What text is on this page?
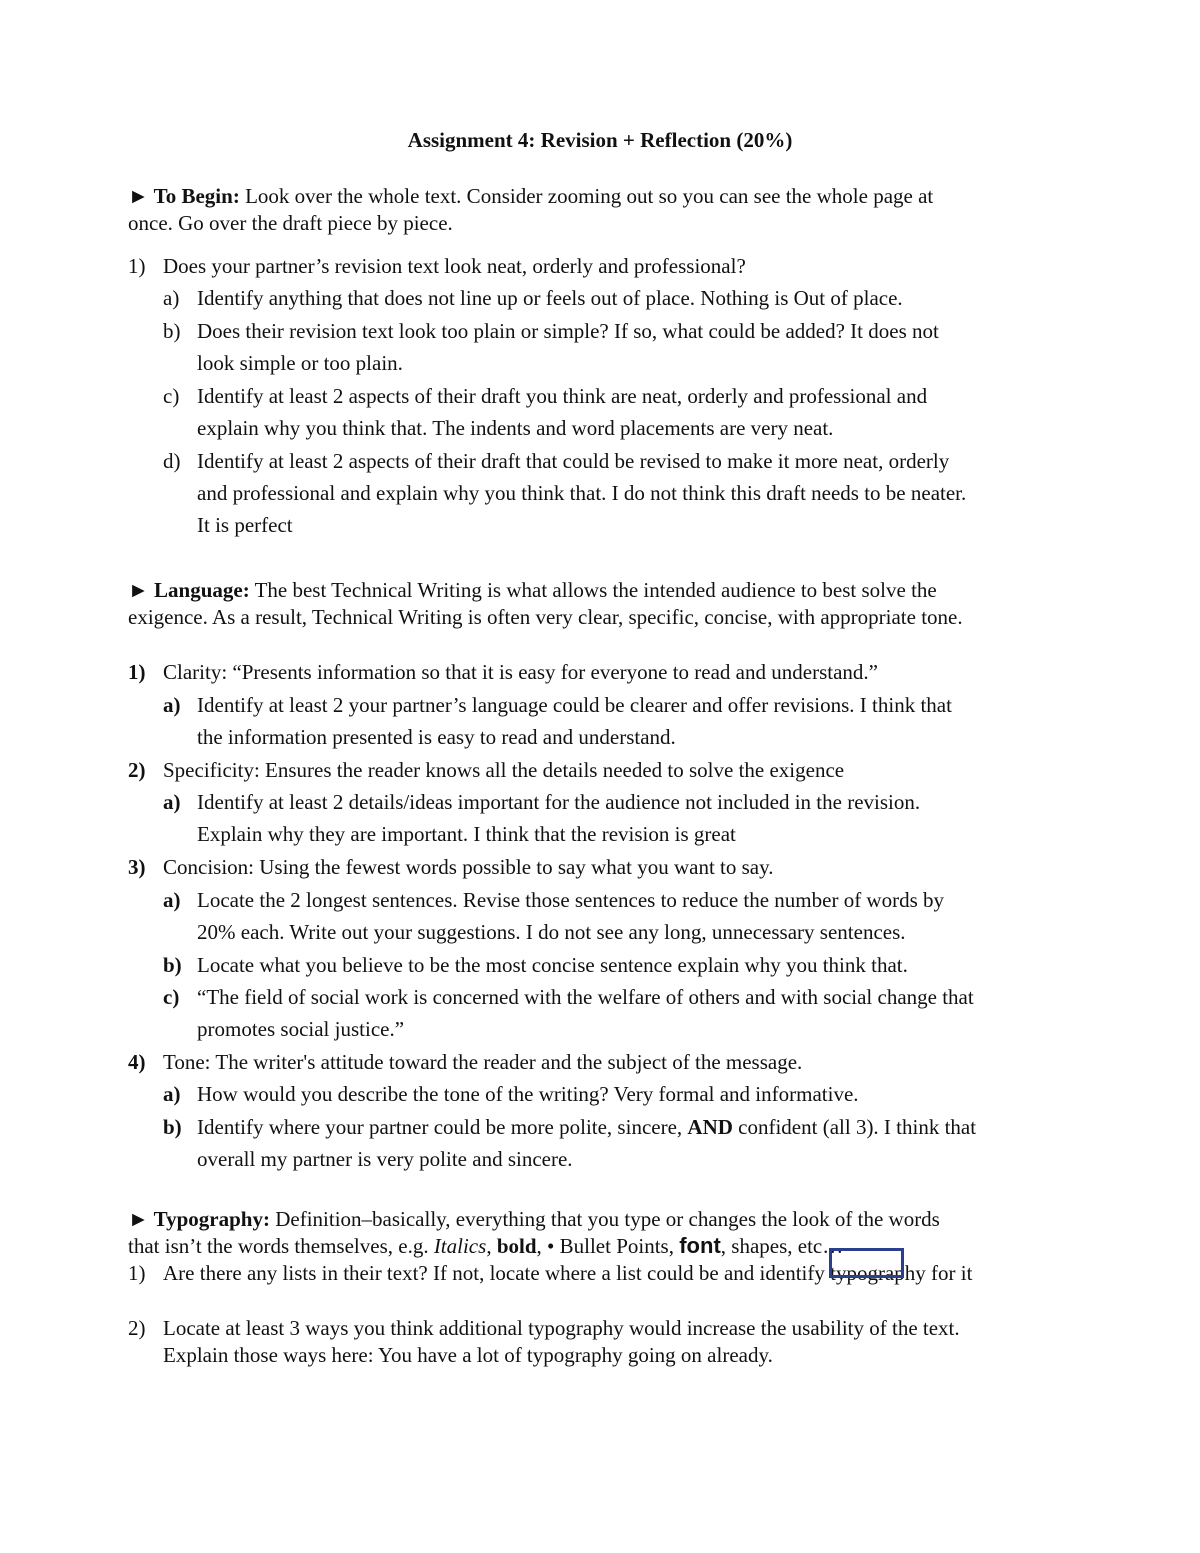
Assignment 4: Revision + Reflection (20%)
► To Begin: Look over the whole text. Consider zooming out so you can see the whole page at
once. Go over the draft piece by piece.
1) Does your partner’s revision text look neat, orderly and professional?
a) Identify anything that does not line up or feels out of place. Nothing is Out of place.
b) Does their revision text look too plain or simple? If so, what could be added? It does not
look simple or too plain.
c) Identify at least 2 aspects of their draft you think are neat, orderly and professional and
explain why you think that. The indents and word placements are very neat.
d) Identify at least 2 aspects of their draft that could be revised to make it more neat, orderly
and professional and explain why you think that. I do not think this draft needs to be neater.
It is perfect
► Language: The best Technical Writing is what allows the intended audience to best solve the
exigence. As a result, Technical Writing is often very clear, specific, concise, with appropriate tone.
1) Clarity: “Presents information so that it is easy for everyone to read and understand.”
a) Identify at least 2 your partner’s language could be clearer and offer revisions. I think that
the information presented is easy to read and understand.
2) Specificity: Ensures the reader knows all the details needed to solve the exigence
a) Identify at least 2 details/ideas important for the audience not included in the revision.
Explain why they are important. I think that the revision is great
3) Concision: Using the fewest words possible to say what you want to say.
a) Locate the 2 longest sentences. Revise those sentences to reduce the number of words by
20% each. Write out your suggestions. I do not see any long, unnecessary sentences.
b) Locate what you believe to be the most concise sentence explain why you think that.
c) “The field of social work is concerned with the welfare of others and with social change that
promotes social justice.”
4) Tone: The writer's attitude toward the reader and the subject of the message.
a) How would you describe the tone of the writing? Very formal and informative.
b) Identify where your partner could be more polite, sincere, AND confident (all 3). I think that
overall my partner is very polite and sincere.
► Typography: Definition–basically, everything that you type or changes the look of the words
that isn’t the words themselves, e.g. Italics, bold, • Bullet Points, font, shapes, etc…
1) Are there any lists in their text? If not, locate where a list could be and identify typography for it
2) Locate at least 3 ways you think additional typography would increase the usability of the text.
Explain those ways here: You have a lot of typography going on already.
